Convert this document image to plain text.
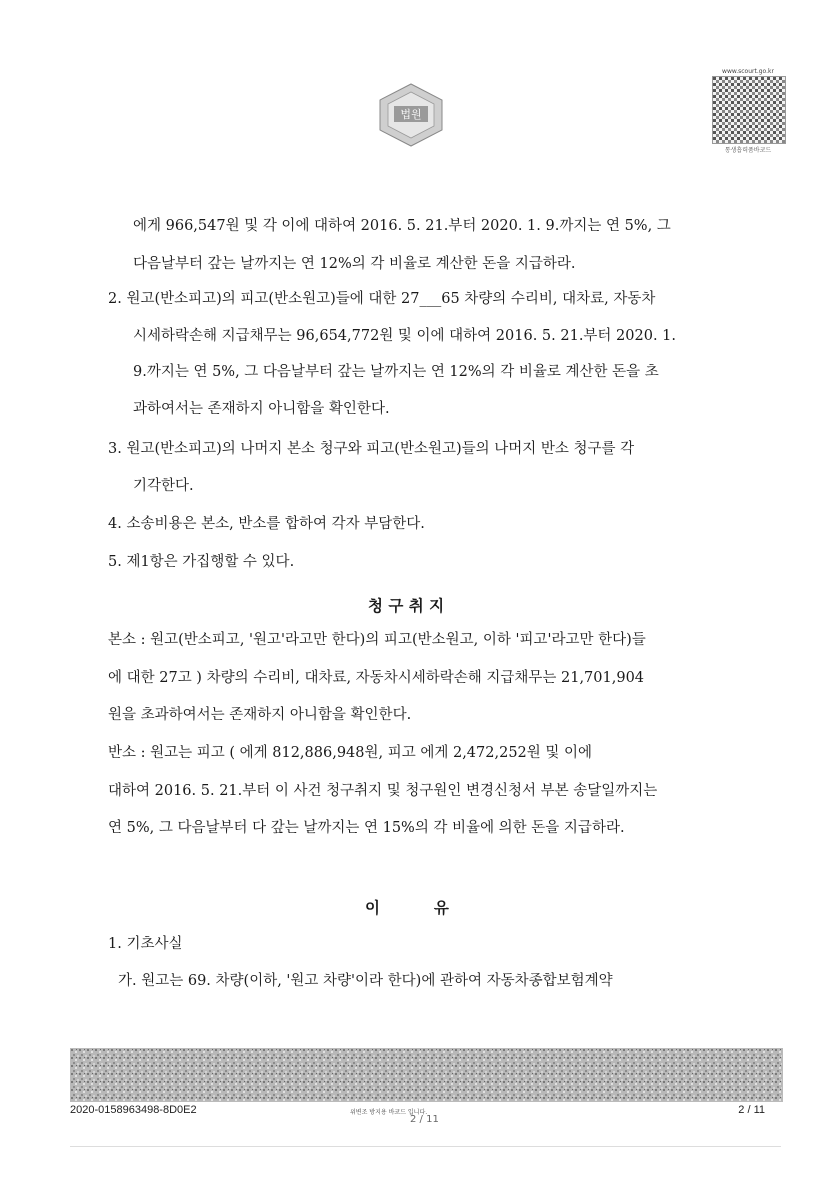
법원
www.scourt.go.kr
통생흡력품바코드
에게 966,547원 및 각 이에 대하여 2016. 5. 21.부터 2020. 1. 9.까지는 연 5%, 그
다음날부터 갚는 날까지는 연 12%의 각 비율로 계산한 돈을 지급하라.
2. 원고(반소피고)의 피고(반소원고)들에 대한 27___65 차량의 수리비, 대차료, 자동차
시세하락손해 지급채무는 96,654,772원 및 이에 대하여 2016. 5. 21.부터 2020. 1.
9.까지는 연 5%, 그 다음날부터 갚는 날까지는 연 12%의 각 비율로 계산한 돈을 초
과하여서는 존재하지 아니함을 확인한다.
3. 원고(반소피고)의 나머지 본소 청구와 피고(반소원고)들의 나머지 반소 청구를 각
기각한다.
4. 소송비용은 본소, 반소를 합하여 각자 부담한다.
5. 제1항은 가집행할 수 있다.
청 구 취 지
본소 : 원고(반소피고, '원고'라고만 한다)의 피고(반소원고, 이하 '피고'라고만 한다)들
에 대한 27고 ) 차량의 수리비, 대차료, 자동차시세하락손해 지급채무는 21,701,904
원을 초과하여서는 존재하지 아니함을 확인한다.
반소 : 원고는 피고 ( 에게 812,886,948원, 피고 에게 2,472,252원 및 이에
대하여 2016. 5. 21.부터 이 사건 청구취지 및 청구원인 변경신청서 부본 송달일까지는
연 5%, 그 다음날부터 다 갚는 날까지는 연 15%의 각 비율에 의한 돈을 지급하라.
이          유
1. 기초사실
가. 원고는 69. 차량(이하, '원고 차량'이라 한다)에 관하여 자동차종합보험계약
2020-0158963498-8D0E2	위변조 방지용 바코드 입니다.
2 / 11
2 / 11
